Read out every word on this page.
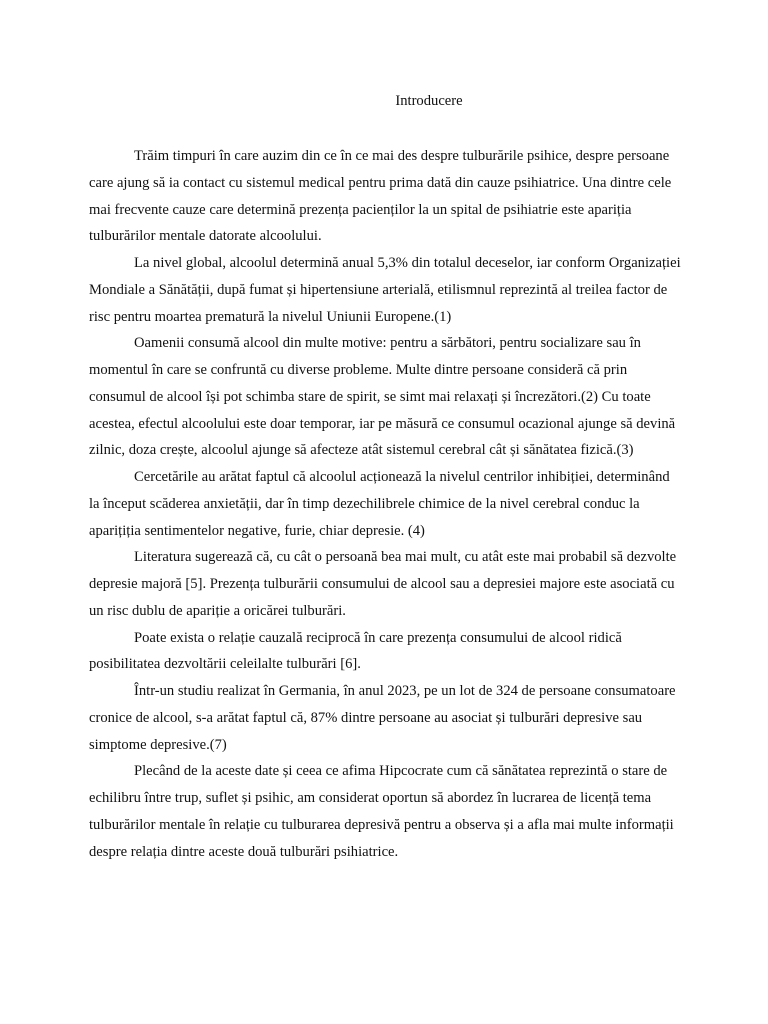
Introducere

Trăim timpuri în care auzim din ce în ce mai des despre tulburările psihice, despre persoane care ajung să ia contact cu sistemul medical pentru prima dată din cauze psihiatrice. Una dintre cele mai frecvente cauze care determină prezența pacienților la un spital de psihiatrie este apariția tulburărilor mentale datorate alcoolului.

La nivel global, alcoolul determină anual 5,3% din totalul deceselor, iar conform Organizației Mondiale a Sănătății, după fumat și hipertensiune arterială, etilismnul reprezintă al treilea factor de risc pentru moartea prematură la nivelul Uniunii Europene.(1)

Oamenii consumă alcool din multe motive: pentru a sărbători, pentru socializare sau în momentul în care se confruntă cu diverse probleme. Multe dintre persoane consideră că prin consumul de alcool își pot schimba stare de spirit, se simt mai relaxați și încrezători.(2) Cu toate acestea, efectul alcoolului este doar temporar, iar pe măsură ce consumul ocazional ajunge să devină zilnic, doza crește, alcoolul ajunge să afecteze atât sistemul cerebral cât și sănătatea fizică.(3)

Cercetările au arătat faptul că alcoolul acționează la nivelul centrilor inhibiției, determinând la început scăderea anxietății, dar în timp dezechilibrele chimice de la nivel cerebral conduc la aparițiția sentimentelor negative, furie, chiar depresie. (4)

Literatura sugerează că, cu cât o persoană bea mai mult, cu atât este mai probabil să dezvolte depresie majoră [5]. Prezența tulburării consumului de alcool sau a depresiei majore este asociată cu un risc dublu de apariție a oricărei tulburări.

Poate exista o relație cauzală reciprocă în care prezența consumului de alcool ridică posibilitatea dezvoltării celeilalte tulburări [6].

Într-un studiu realizat în Germania, în anul 2023, pe un lot de 324 de persoane consumatoare cronice de alcool, s-a arătat faptul că, 87% dintre persoane au asociat și tulburări depresive sau simptome depresive.(7)

Plecând de la aceste date și ceea ce afima Hipcocrate cum că sănătatea reprezintă o stare de echilibru între trup, suflet și psihic, am considerat oportun să abordez în lucrarea de licență tema tulburărilor mentale în relație cu tulburarea depresivă pentru a observa și a afla mai multe informații despre relația dintre aceste două tulburări psihiatrice.
